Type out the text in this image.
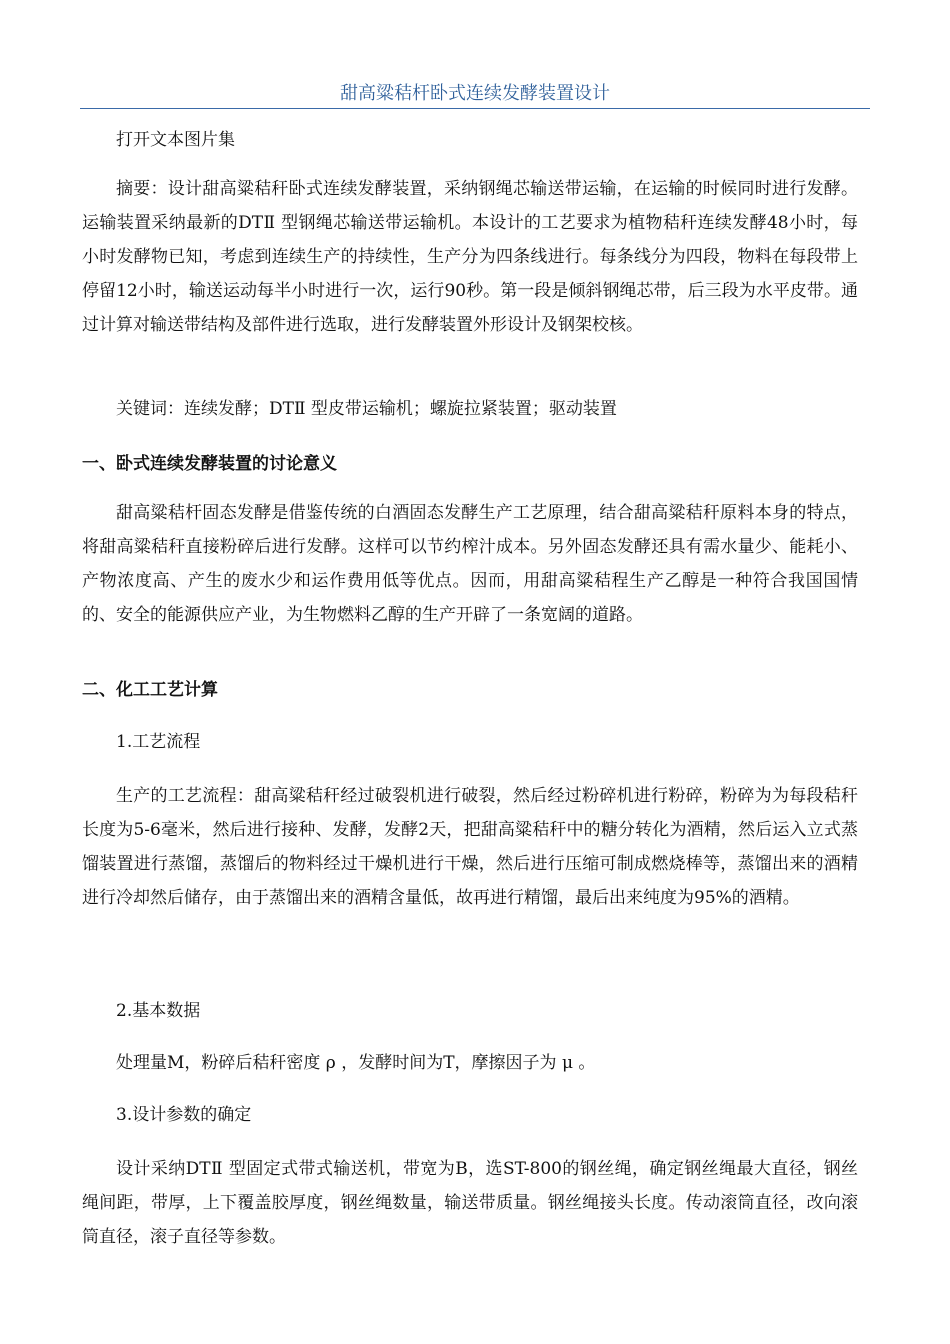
甜高粱秸杆卧式连续发酵装置设计

打开文本图片集

摘要：设计甜高粱秸秆卧式连续发酵装置，采纳钢绳芯输送带运输，在运输的时候同时进行发酵。运输装置采纳最新的DTⅡ 型钢绳芯输送带运输机。本设计的工艺要求为植物秸秆连续发酵48小时，每小时发酵物已知，考虑到连续生产的持续性，生产分为四条线进行。每条线分为四段，物料在每段带上停留12小时，输送运动每半小时进行一次，运行90秒。第一段是倾斜钢绳芯带，后三段为水平皮带。通过计算对输送带结构及部件进行选取，进行发酵装置外形设计及钢架校核。

关键词：连续发酵；DTⅡ 型皮带运输机；螺旋拉紧装置；驱动装置

一、卧式连续发酵装置的讨论意义

甜高粱秸杆固态发酵是借鉴传统的白酒固态发酵生产工艺原理，结合甜高粱秸秆原料本身的特点，将甜高粱秸秆直接粉碎后进行发酵。这样可以节约榨汁成本。另外固态发酵还具有需水量少、能耗小、产物浓度高、产生的废水少和运作费用低等优点。因而，用甜高粱秸程生产乙醇是一种符合我国国情的、安全的能源供应产业，为生物燃料乙醇的生产开辟了一条宽阔的道路。

二、化工工艺计算

1.工艺流程

生产的工艺流程：甜高粱秸秆经过破裂机进行破裂，然后经过粉碎机进行粉碎，粉碎为为每段秸秆长度为5-6毫米，然后进行接种、发酵，发酵2天，把甜高粱秸秆中的糖分转化为酒精，然后运入立式蒸馏装置进行蒸馏，蒸馏后的物料经过干燥机进行干燥，然后进行压缩可制成燃烧棒等，蒸馏出来的酒精进行冷却然后储存，由于蒸馏出来的酒精含量低，故再进行精馏，最后出来纯度为95%的酒精。

2.基本数据

处理量M，粉碎后秸秆密度 ρ ，发酵时间为T，摩擦因子为 μ 。

3.设计参数的确定

设计采纳DTⅡ 型固定式带式输送机，带宽为B，选ST-800的钢丝绳，确定钢丝绳最大直径，钢丝绳间距，带厚，上下覆盖胶厚度，钢丝绳数量，输送带质量。钢丝绳接头长度。传动滚筒直径，改向滚筒直径，滚子直径等参数。
